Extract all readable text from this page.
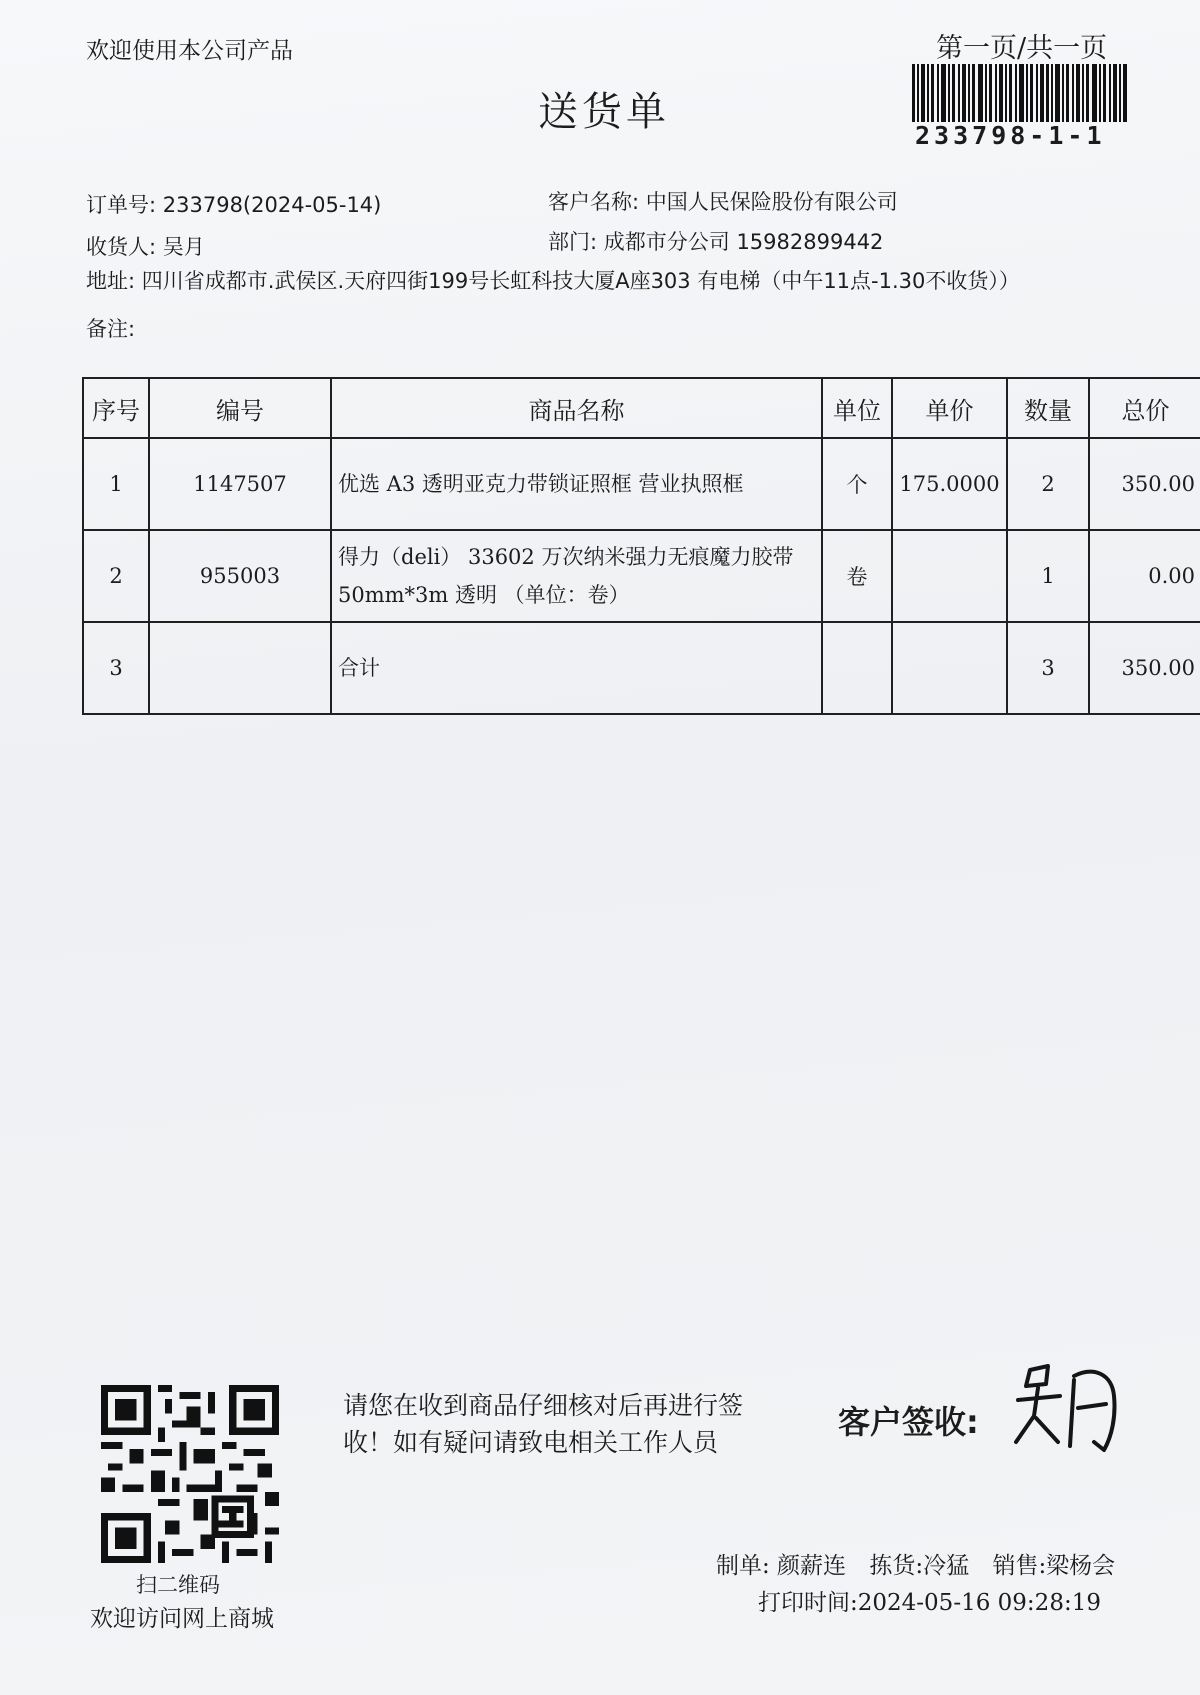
欢迎使用本公司产品
送货单
第一页/共一页
233798-1-1
订单号: 233798(2024-05-14)	客户名称: 中国人民保险股份有限公司
收货人: 吴月	部门: 成都市分公司 15982899442
地址: 四川省成都市.武侯区.天府四街199号长虹科技大厦A座303 有电梯（中午11点-1.30不收货））
备注:
序号	编号	商品名称	单位	单价	数量	总价
1	1147507	优选 A3 透明亚克力带锁证照框 营业执照框	个	175.0000	2	350.00
2	955003	得力（deli） 33602 万次纳米强力无痕魔力胶带 50mm*3m 透明 （单位：卷）	卷		1	0.00
3		合计			3	350.00
扫二维码
欢迎访问网上商城
请您在收到商品仔细核对后再进行签收！如有疑问请致电相关工作人员
客户签收:
制单: 颜薪连 拣货:冷猛 销售:梁杨会
打印时间:2024-05-16 09:28:19
